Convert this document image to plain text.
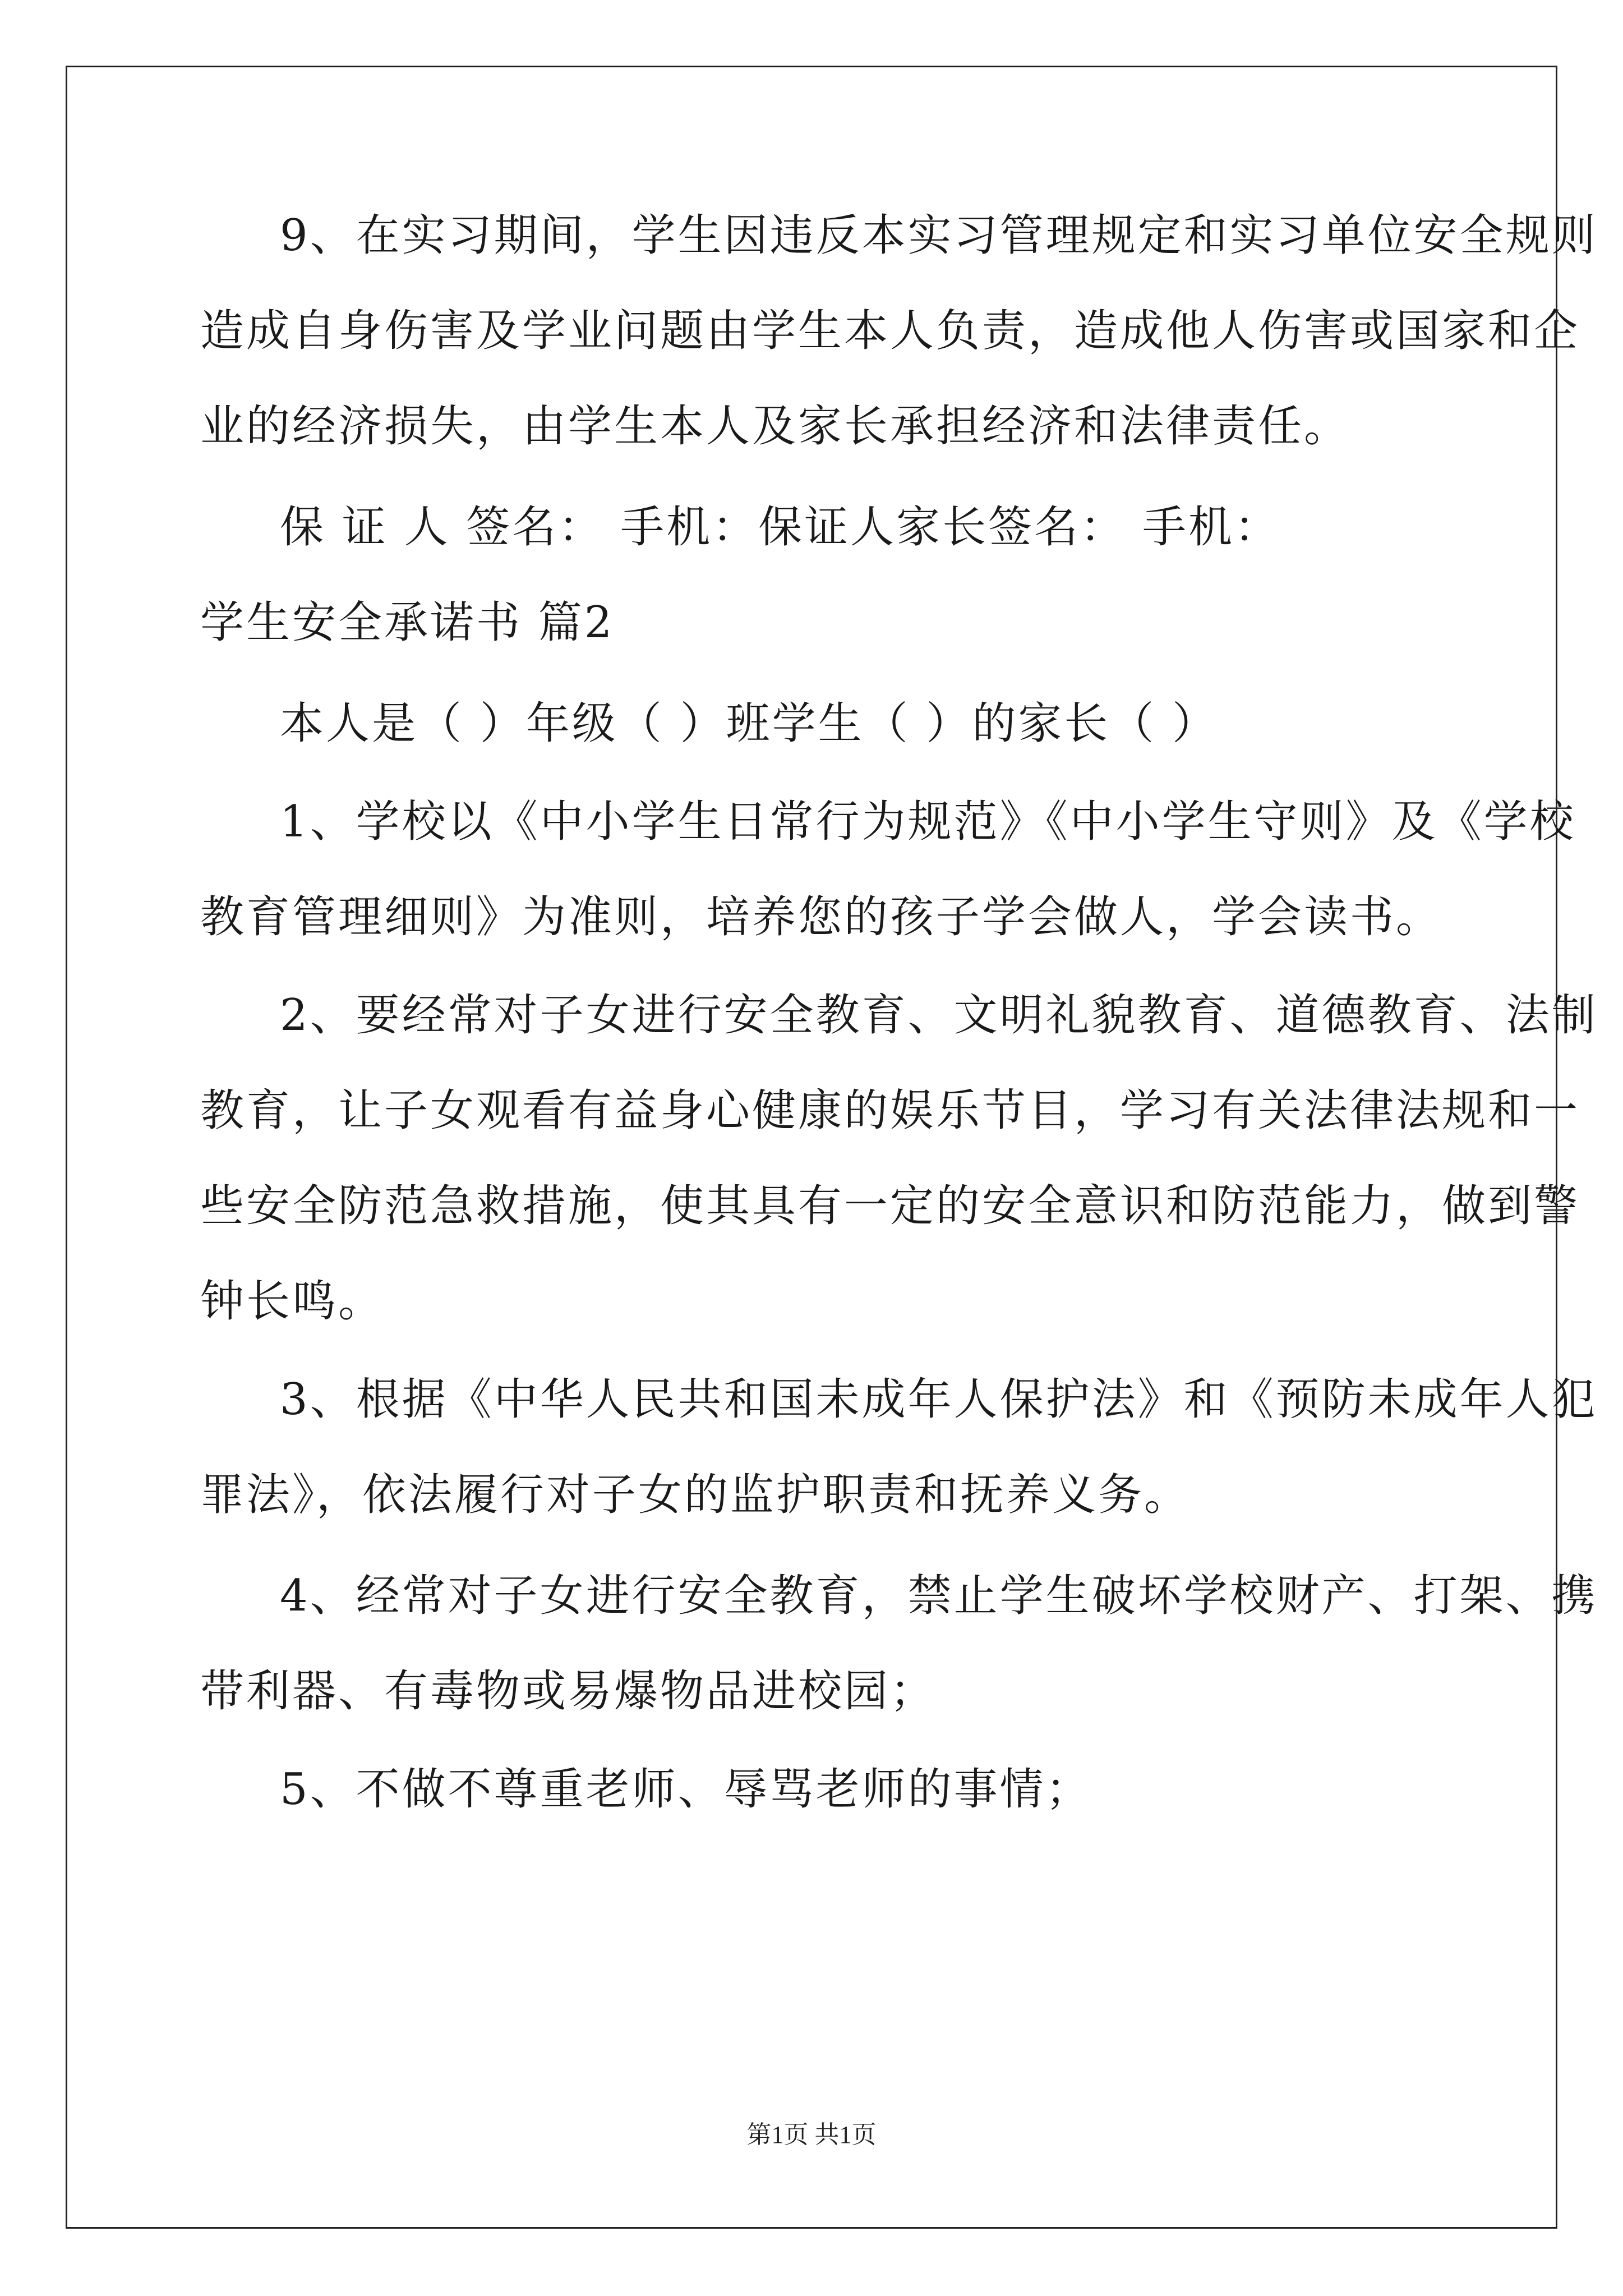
9、在实习期间，学生因违反本实习管理规定和实习单位安全规则
造成自身伤害及学业问题由学生本人负责，造成他人伤害或国家和企
业的经济损失，由学生本人及家长承担经济和法律责任。
保 证 人 签名： 手机：保证人家长签名： 手机：
学生安全承诺书 篇2
本人是（ ）年级（ ）班学生（ ）的家长（ ）
1、学校以《中小学生日常行为规范》《中小学生守则》及《学校
教育管理细则》为准则，培养您的孩子学会做人，学会读书。
2、要经常对子女进行安全教育、文明礼貌教育、道德教育、法制
教育，让子女观看有益身心健康的娱乐节目，学习有关法律法规和一
些安全防范急救措施，使其具有一定的安全意识和防范能力，做到警
钟长鸣。
3、根据《中华人民共和国未成年人保护法》和《预防未成年人犯
罪法》，依法履行对子女的监护职责和抚养义务。
4、经常对子女进行安全教育，禁止学生破坏学校财产、打架、携
带利器、有毒物或易爆物品进校园；
5、不做不尊重老师、辱骂老师的事情；
第1页 共1页
